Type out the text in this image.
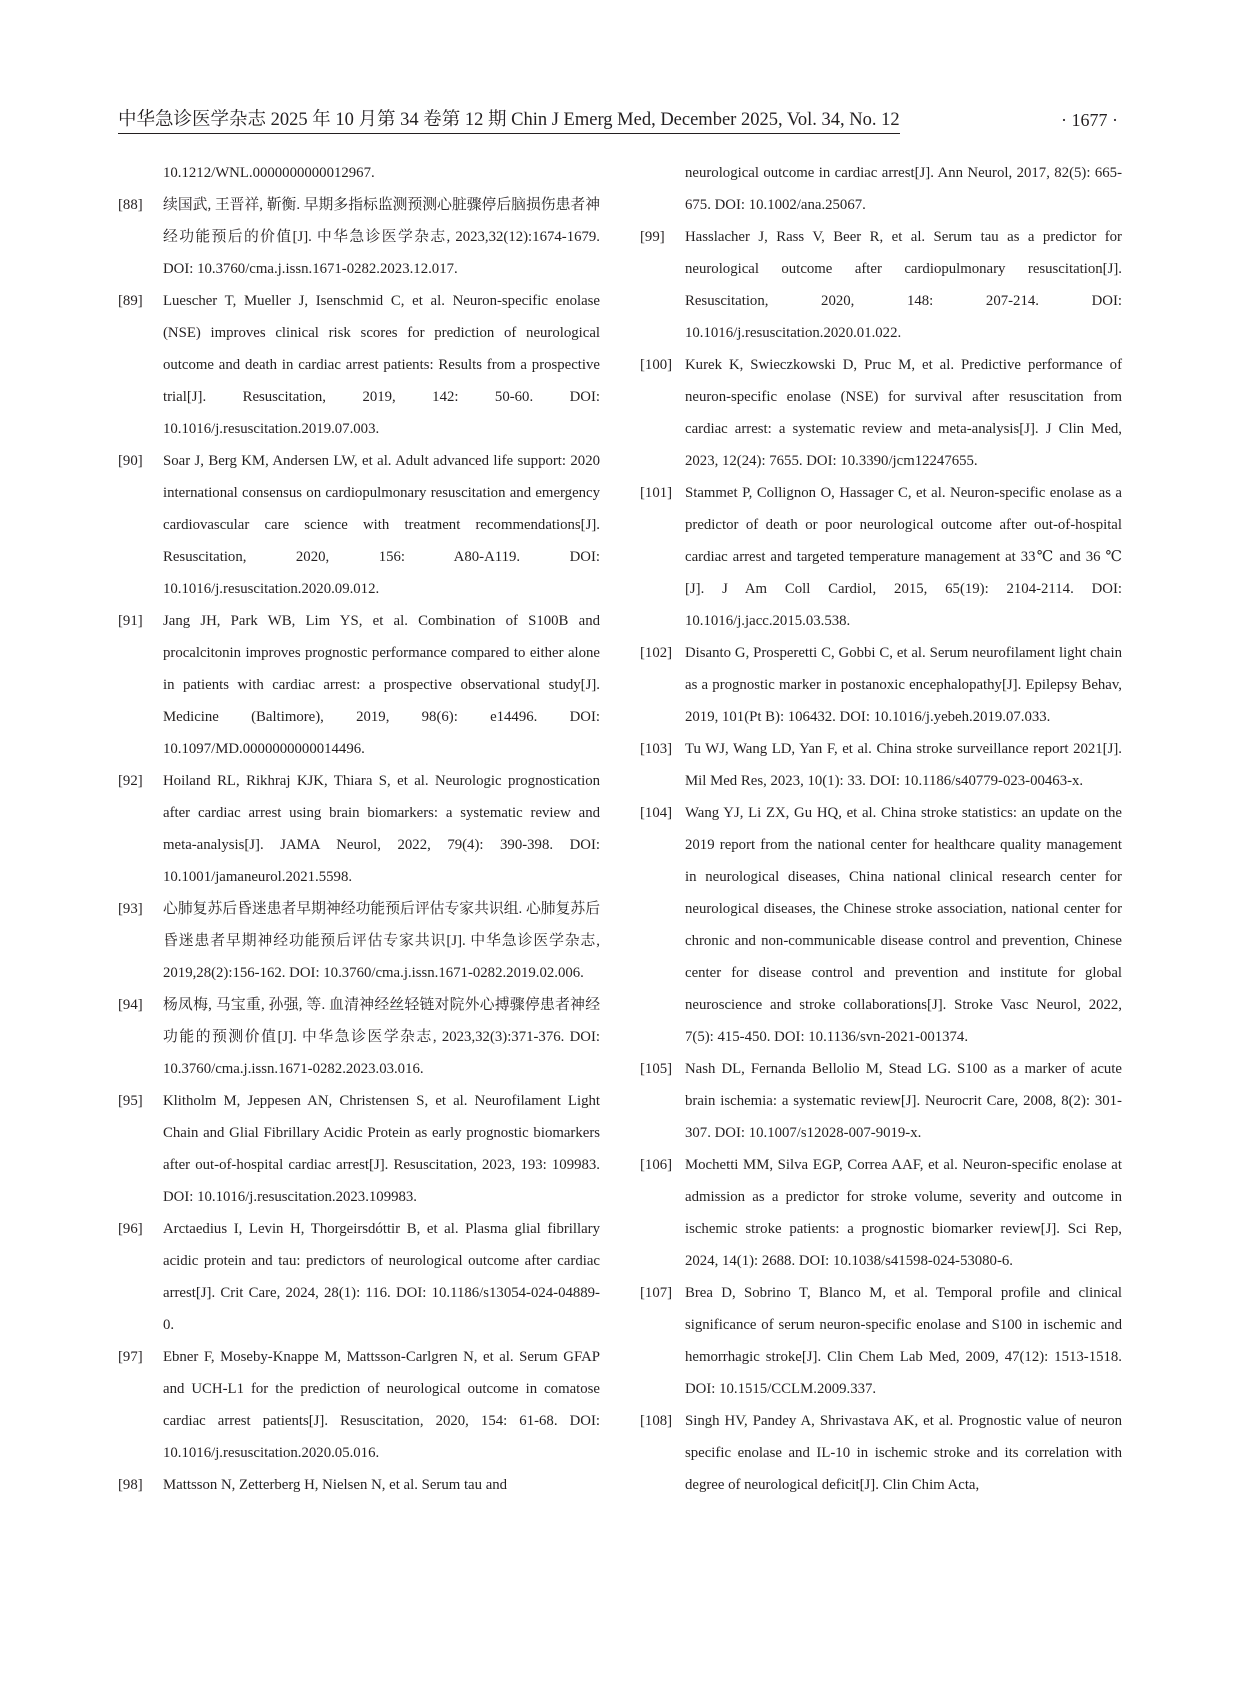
中华急诊医学杂志 2025 年 10 月第 34 卷第 12 期 Chin J Emerg Med, December 2025, Vol. 34, No. 12	· 1677 ·
10.1212/WNL.0000000000012967.
[88] 续国武, 王晋祥, 靳衡. 早期多指标监测预测心脏骤停后脑损伤患者神经功能预后的价值[J]. 中华急诊医学杂志, 2023,32(12):1674-1679. DOI: 10.3760/cma.j.issn.1671-0282.2023.12.017.
[89] Luescher T, Mueller J, Isenschmid C, et al. Neuron-specific enolase (NSE) improves clinical risk scores for prediction of neurological outcome and death in cardiac arrest patients: Results from a prospective trial[J]. Resuscitation, 2019, 142: 50-60. DOI: 10.1016/j.resuscitation.2019.07.003.
[90] Soar J, Berg KM, Andersen LW, et al. Adult advanced life support: 2020 international consensus on cardiopulmonary resuscitation and emergency cardiovascular care science with treatment recommendations[J]. Resuscitation, 2020, 156: A80-A119. DOI: 10.1016/j.resuscitation.2020.09.012.
[91] Jang JH, Park WB, Lim YS, et al. Combination of S100B and procalcitonin improves prognostic performance compared to either alone in patients with cardiac arrest: a prospective observational study[J]. Medicine (Baltimore), 2019, 98(6): e14496. DOI: 10.1097/MD.0000000000014496.
[92] Hoiland RL, Rikhraj KJK, Thiara S, et al. Neurologic prognostication after cardiac arrest using brain biomarkers: a systematic review and meta-analysis[J]. JAMA Neurol, 2022, 79(4): 390-398. DOI: 10.1001/jamaneurol.2021.5598.
[93] 心肺复苏后昏迷患者早期神经功能预后评估专家共识组. 心肺复苏后昏迷患者早期神经功能预后评估专家共识[J]. 中华急诊医学杂志, 2019,28(2):156-162. DOI: 10.3760/cma.j.issn.1671-0282.2019.02.006.
[94] 杨凤梅, 马宝重, 孙强, 等. 血清神经丝轻链对院外心搏骤停患者神经功能的预测价值[J]. 中华急诊医学杂志, 2023,32(3):371-376. DOI: 10.3760/cma.j.issn.1671-0282.2023.03.016.
[95] Klitholm M, Jeppesen AN, Christensen S, et al. Neurofilament Light Chain and Glial Fibrillary Acidic Protein as early prognostic biomarkers after out-of-hospital cardiac arrest[J]. Resuscitation, 2023, 193: 109983. DOI: 10.1016/j.resuscitation.2023.109983.
[96] Arctaedius I, Levin H, Thorgeirsdóttir B, et al. Plasma glial fibrillary acidic protein and tau: predictors of neurological outcome after cardiac arrest[J]. Crit Care, 2024, 28(1): 116. DOI: 10.1186/s13054-024-04889-0.
[97] Ebner F, Moseby-Knappe M, Mattsson-Carlgren N, et al. Serum GFAP and UCH-L1 for the prediction of neurological outcome in comatose cardiac arrest patients[J]. Resuscitation, 2020, 154: 61-68. DOI: 10.1016/j.resuscitation.2020.05.016.
[98] Mattsson N, Zetterberg H, Nielsen N, et al. Serum tau and
neurological outcome in cardiac arrest[J]. Ann Neurol, 2017, 82(5): 665-675. DOI: 10.1002/ana.25067.
[99] Hasslacher J, Rass V, Beer R, et al. Serum tau as a predictor for neurological outcome after cardiopulmonary resuscitation[J]. Resuscitation, 2020, 148: 207-214. DOI: 10.1016/j.resuscitation.2020.01.022.
[100] Kurek K, Swieczkowski D, Pruc M, et al. Predictive performance of neuron-specific enolase (NSE) for survival after resuscitation from cardiac arrest: a systematic review and meta-analysis[J]. J Clin Med, 2023, 12(24): 7655. DOI: 10.3390/jcm12247655.
[101] Stammet P, Collignon O, Hassager C, et al. Neuron-specific enolase as a predictor of death or poor neurological outcome after out-of-hospital cardiac arrest and targeted temperature management at 33℃ and 36 ℃ [J]. J Am Coll Cardiol, 2015, 65(19): 2104-2114. DOI: 10.1016/j.jacc.2015.03.538.
[102] Disanto G, Prosperetti C, Gobbi C, et al. Serum neurofilament light chain as a prognostic marker in postanoxic encephalopathy[J]. Epilepsy Behav, 2019, 101(Pt B): 106432. DOI: 10.1016/j.yebeh.2019.07.033.
[103] Tu WJ, Wang LD, Yan F, et al. China stroke surveillance report 2021[J]. Mil Med Res, 2023, 10(1): 33. DOI: 10.1186/s40779-023-00463-x.
[104] Wang YJ, Li ZX, Gu HQ, et al. China stroke statistics: an update on the 2019 report from the national center for healthcare quality management in neurological diseases, China national clinical research center for neurological diseases, the Chinese stroke association, national center for chronic and non-communicable disease control and prevention, Chinese center for disease control and prevention and institute for global neuroscience and stroke collaborations[J]. Stroke Vasc Neurol, 2022, 7(5): 415-450. DOI: 10.1136/svn-2021-001374.
[105] Nash DL, Fernanda Bellolio M, Stead LG. S100 as a marker of acute brain ischemia: a systematic review[J]. Neurocrit Care, 2008, 8(2): 301-307. DOI: 10.1007/s12028-007-9019-x.
[106] Mochetti MM, Silva EGP, Correa AAF, et al. Neuron-specific enolase at admission as a predictor for stroke volume, severity and outcome in ischemic stroke patients: a prognostic biomarker review[J]. Sci Rep, 2024, 14(1): 2688. DOI: 10.1038/s41598-024-53080-6.
[107] Brea D, Sobrino T, Blanco M, et al. Temporal profile and clinical significance of serum neuron-specific enolase and S100 in ischemic and hemorrhagic stroke[J]. Clin Chem Lab Med, 2009, 47(12): 1513-1518. DOI: 10.1515/CCLM.2009.337.
[108] Singh HV, Pandey A, Shrivastava AK, et al. Prognostic value of neuron specific enolase and IL-10 in ischemic stroke and its correlation with degree of neurological deficit[J]. Clin Chim Acta,
